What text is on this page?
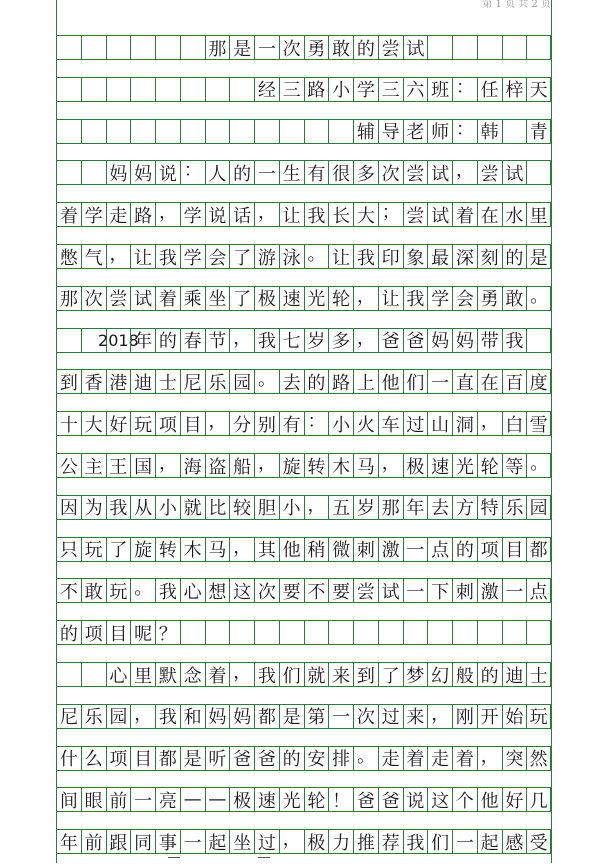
第 1 页 共 2 页
那 是 一 次 勇 敢 的 尝 试
经 三 路 小 学 三 六 班 ： 任 梓 天
辅 导 老 师 ： 韩 青
妈 妈 说 ： 人 的 一 生 有 很 多 次 尝 试 ， 尝 试
着 学 走 路 ， 学 说 话 ， 让 我 长 大 ； 尝 试 着 在 水 里
憋 气 ， 让 我 学 会 了 游 泳 。 让 我 印 象 最 深 刻 的 是
那 次 尝 试 着 乘 坐 了 极 速 光 轮 ， 让 我 学 会 勇 敢 。
2018
年 的 春 节 ， 我 七 岁 多 ， 爸 爸 妈 妈 带 我
到 香 港 迪 士 尼 乐 园 。 去 的 路 上 他 们 一 直 在 百 度
十 大 好 玩 项 目 ， 分 别 有 ： 小 火 车 过 山 洞 ， 白 雪
公 主 王 国 ， 海 盗 船 ， 旋 转 木 马 ， 极 速 光 轮 等 。
因 为 我 从 小 就 比 较 胆 小 ， 五 岁 那 年 去 方 特 乐 园
只 玩 了 旋 转 木 马 ， 其 他 稍 微 刺 激 一 点 的 项 目 都
不 敢 玩 。 我 心 想 这 次 要 不 要 尝 试 一 下 刺 激 一 点
的 项 目 呢 ？
心 里 默 念 着 ， 我 们 就 来 到 了 梦 幻 般 的 迪 士
尼 乐 园 ， 我 和 妈 妈 都 是 第 一 次 过 来 ， 刚 开 始 玩
什 么 项 目 都 是 听 爸 爸 的 安 排 。 走 着 走 着 ， 突 然
间 眼 前 一 亮 — — 极 速 光 轮 ！ 爸 爸 说 这 个 他 好 几
年 前 跟 同 事 一 起 坐 过 ， 极 力 推 荐 我 们 一 起 感 受
